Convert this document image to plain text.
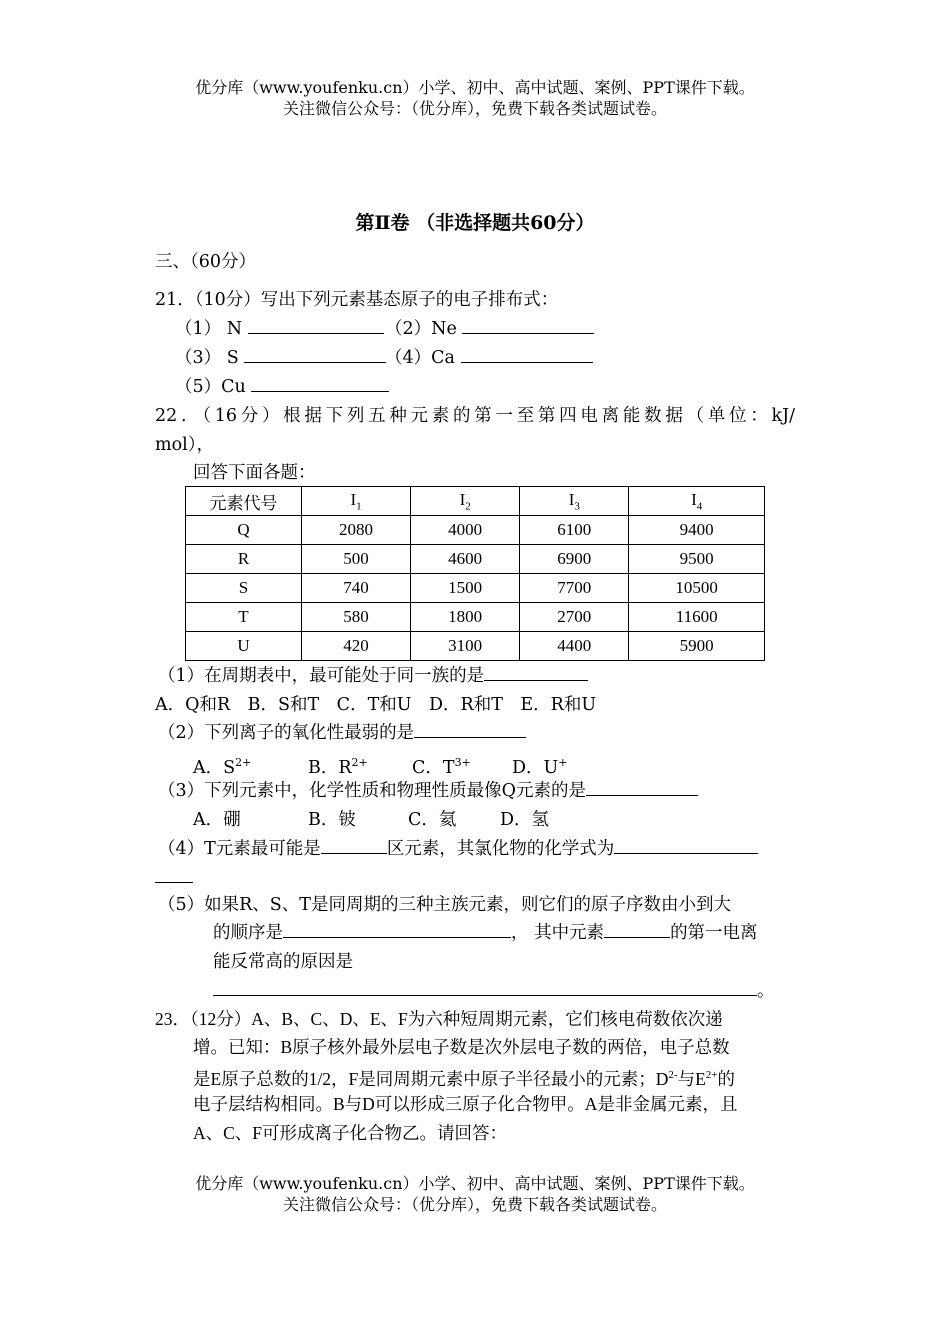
优分库（www.youfenku.cn）小学、初中、高中试题、案例、PPT课件下载。
关注微信公众号：（优分库），免费下载各类试题试卷。
第Ⅱ卷 （非选择题共60分）
三、（60分）
21．（10分）写出下列元素基态原子的电子排布式：
（1） N	（2）Ne
（3） S	（4）Ca
（5）Cu
22．（16分）根据下列五种元素的第一至第四电离能数据（单位：kJ/
mol），
回答下面各题：
元素代号	$I_1$	$I_2$	$I_3$	$I_4$
Q	2080	4000	6100	9400
R	500	4600	6900	9500
S	740	1500	7700	10500
T	580	1800	2700	11600
U	420	3100	4400	5900
（1）在周期表中，最可能处于同一族的是
A．Q和R　B．S和T　C．T和U　D．R和T　E．R和U
（2）下列离子的氧化性最弱的是
A．$S^{2+}$	B．$R^{2+}$	C．$T^{3+}$ D．U+
（3）下列元素中，化学性质和物理性质最像Q元素的是
A．硼	B．铍	C．氦 D．氢
（4）T元素最可能是	区元素，其氯化物的化学式为
（5）如果R、S、T是同周期的三种主族元素，则它们的原子序数由小到大
的顺序是	， 其中元素	的第一电离
能反常高的原因是
。
23．（12分）A、B、C、D、E、F为六种短周期元素，它们核电荷数依次递
增。已知：B原子核外最外层电子数是次外层电子数的两倍，电子总数
是E原子总数的1/2，F是同周期元素中原子半径最小的元素；$D^{2-}$与$E^{2+}$的
电子层结构相同。B与D可以形成三原子化合物甲。A是非金属元素，且
A、C、F可形成离子化合物乙。请回答：
优分库（www.youfenku.cn）小学、初中、高中试题、案例、PPT课件下载。
关注微信公众号：（优分库），免费下载各类试题试卷。
